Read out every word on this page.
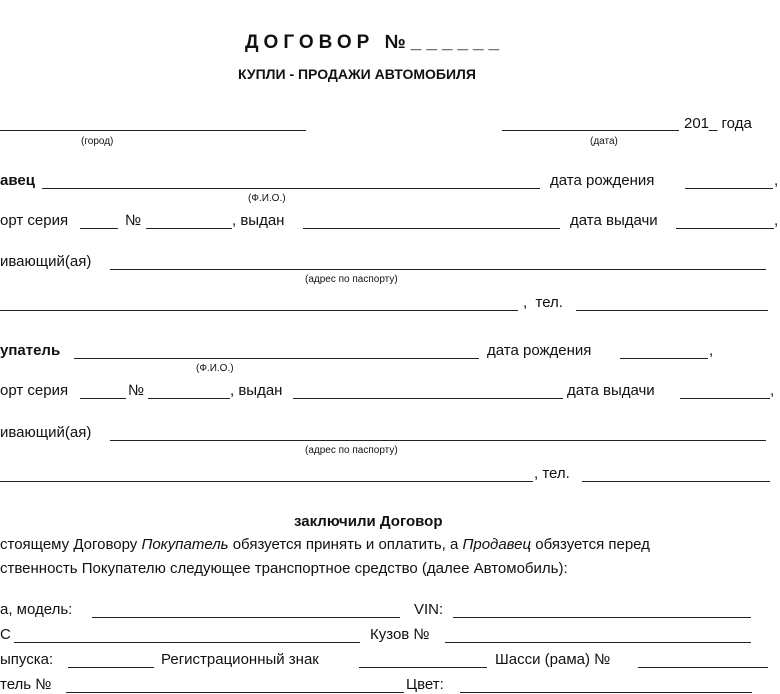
ДОГОВОР №______
КУПЛИ - ПРОДАЖИ АВТОМОБИЛЯ
(город)
201_ года
(дата)
авец	дата рождения	,
(Ф.И.О.)
орт серия	№	, выдан	дата выдачи	,
ивающий(ая)
(адрес по паспорту)
,  тел.
упатель	дата рождения	,
(Ф.И.О.)
орт серия	№	, выдан	дата выдачи	,
ивающий(ая)
(адрес по паспорту)
, тел.
заключили Договор
стоящему Договору Покупатель обязуется принять и оплатить, а Продавец обязуется перед
ственность Покупателю следующее транспортное средство (далее Автомобиль):
а, модель:	VIN:
С	Кузов №
ыпуска:	Регистрационный знак	Шасси (рама) №
тель №	Цвет:
